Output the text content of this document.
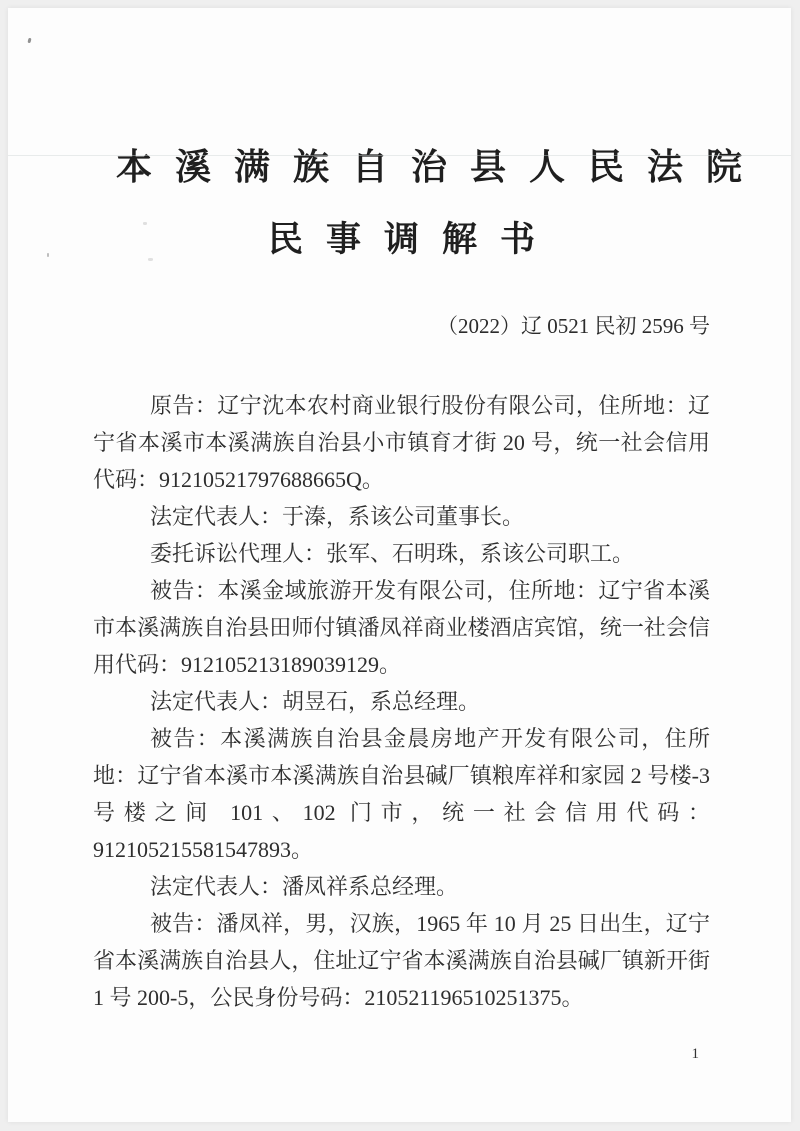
本溪满族自治县人民法院
民事调解书
（2022）辽 0521 民初 2596 号

原告：辽宁沈本农村商业银行股份有限公司，住所地：辽宁省本溪市本溪满族自治县小市镇育才街 20 号，统一社会信用代码：91210521797688665Q。

法定代表人：于溱，系该公司董事长。

委托诉讼代理人：张军、石明珠，系该公司职工。

被告：本溪金域旅游开发有限公司，住所地：辽宁省本溪市本溪满族自治县田师付镇潘凤祥商业楼酒店宾馆，统一社会信用代码：912105213189039129。

法定代表人：胡昱石，系总经理。

被告：本溪满族自治县金晨房地产开发有限公司，住所地：辽宁省本溪市本溪满族自治县碱厂镇粮库祥和家园 2 号楼-3 号楼之间 101、102 门市，统一社会信用代码：912105215581547893。

法定代表人：潘凤祥系总经理。

被告：潘凤祥，男，汉族，1965 年 10 月 25 日出生，辽宁省本溪满族自治县人，住址辽宁省本溪满族自治县碱厂镇新开街 1 号 200-5，公民身份号码：210521196510251375。

1
